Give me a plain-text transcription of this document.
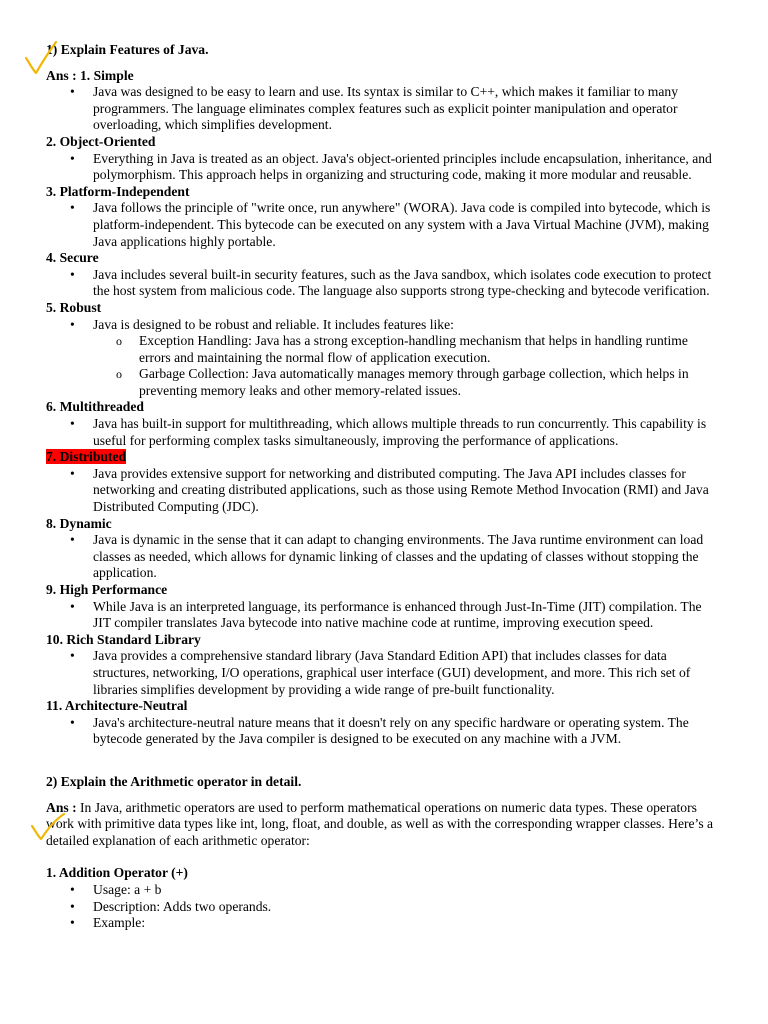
1) Explain Features of Java.

Ans : 1. Simple

• Java was designed to be easy to learn and use. Its syntax is similar to C++, which makes it familiar to many programmers. The language eliminates complex features such as explicit pointer manipulation and operator overloading, which simplifies development.

2. Object-Oriented

• Everything in Java is treated as an object. Java's object-oriented principles include encapsulation, inheritance, and polymorphism. This approach helps in organizing and structuring code, making it more modular and reusable.

3. Platform-Independent

• Java follows the principle of "write once, run anywhere" (WORA). Java code is compiled into bytecode, which is platform-independent. This bytecode can be executed on any system with a Java Virtual Machine (JVM), making Java applications highly portable.

4. Secure

• Java includes several built-in security features, such as the Java sandbox, which isolates code execution to protect the host system from malicious code. The language also supports strong type-checking and bytecode verification.

5. Robust

• Java is designed to be robust and reliable. It includes features like:
o Exception Handling: Java has a strong exception-handling mechanism that helps in handling runtime errors and maintaining the normal flow of application execution.
o Garbage Collection: Java automatically manages memory through garbage collection, which helps in preventing memory leaks and other memory-related issues.

6. Multithreaded

• Java has built-in support for multithreading, which allows multiple threads to run concurrently. This capability is useful for performing complex tasks simultaneously, improving the performance of applications.

7. Distributed

• Java provides extensive support for networking and distributed computing. The Java API includes classes for networking and creating distributed applications, such as those using Remote Method Invocation (RMI) and Java Distributed Computing (JDC).

8. Dynamic

• Java is dynamic in the sense that it can adapt to changing environments. The Java runtime environment can load classes as needed, which allows for dynamic linking of classes and the updating of classes without stopping the application.

9. High Performance

• While Java is an interpreted language, its performance is enhanced through Just-In-Time (JIT) compilation. The JIT compiler translates Java bytecode into native machine code at runtime, improving execution speed.

10. Rich Standard Library

• Java provides a comprehensive standard library (Java Standard Edition API) that includes classes for data structures, networking, I/O operations, graphical user interface (GUI) development, and more. This rich set of libraries simplifies development by providing a wide range of pre-built functionality.

11. Architecture-Neutral

• Java's architecture-neutral nature means that it doesn't rely on any specific hardware or operating system. The bytecode generated by the Java compiler is designed to be executed on any machine with a JVM.

2) Explain the Arithmetic operator in detail.

Ans : In Java, arithmetic operators are used to perform mathematical operations on numeric data types. These operators work with primitive data types like int, long, float, and double, as well as with the corresponding wrapper classes. Here’s a detailed explanation of each arithmetic operator:

1. Addition Operator (+)

• Usage: a + b
• Description: Adds two operands.
• Example:
